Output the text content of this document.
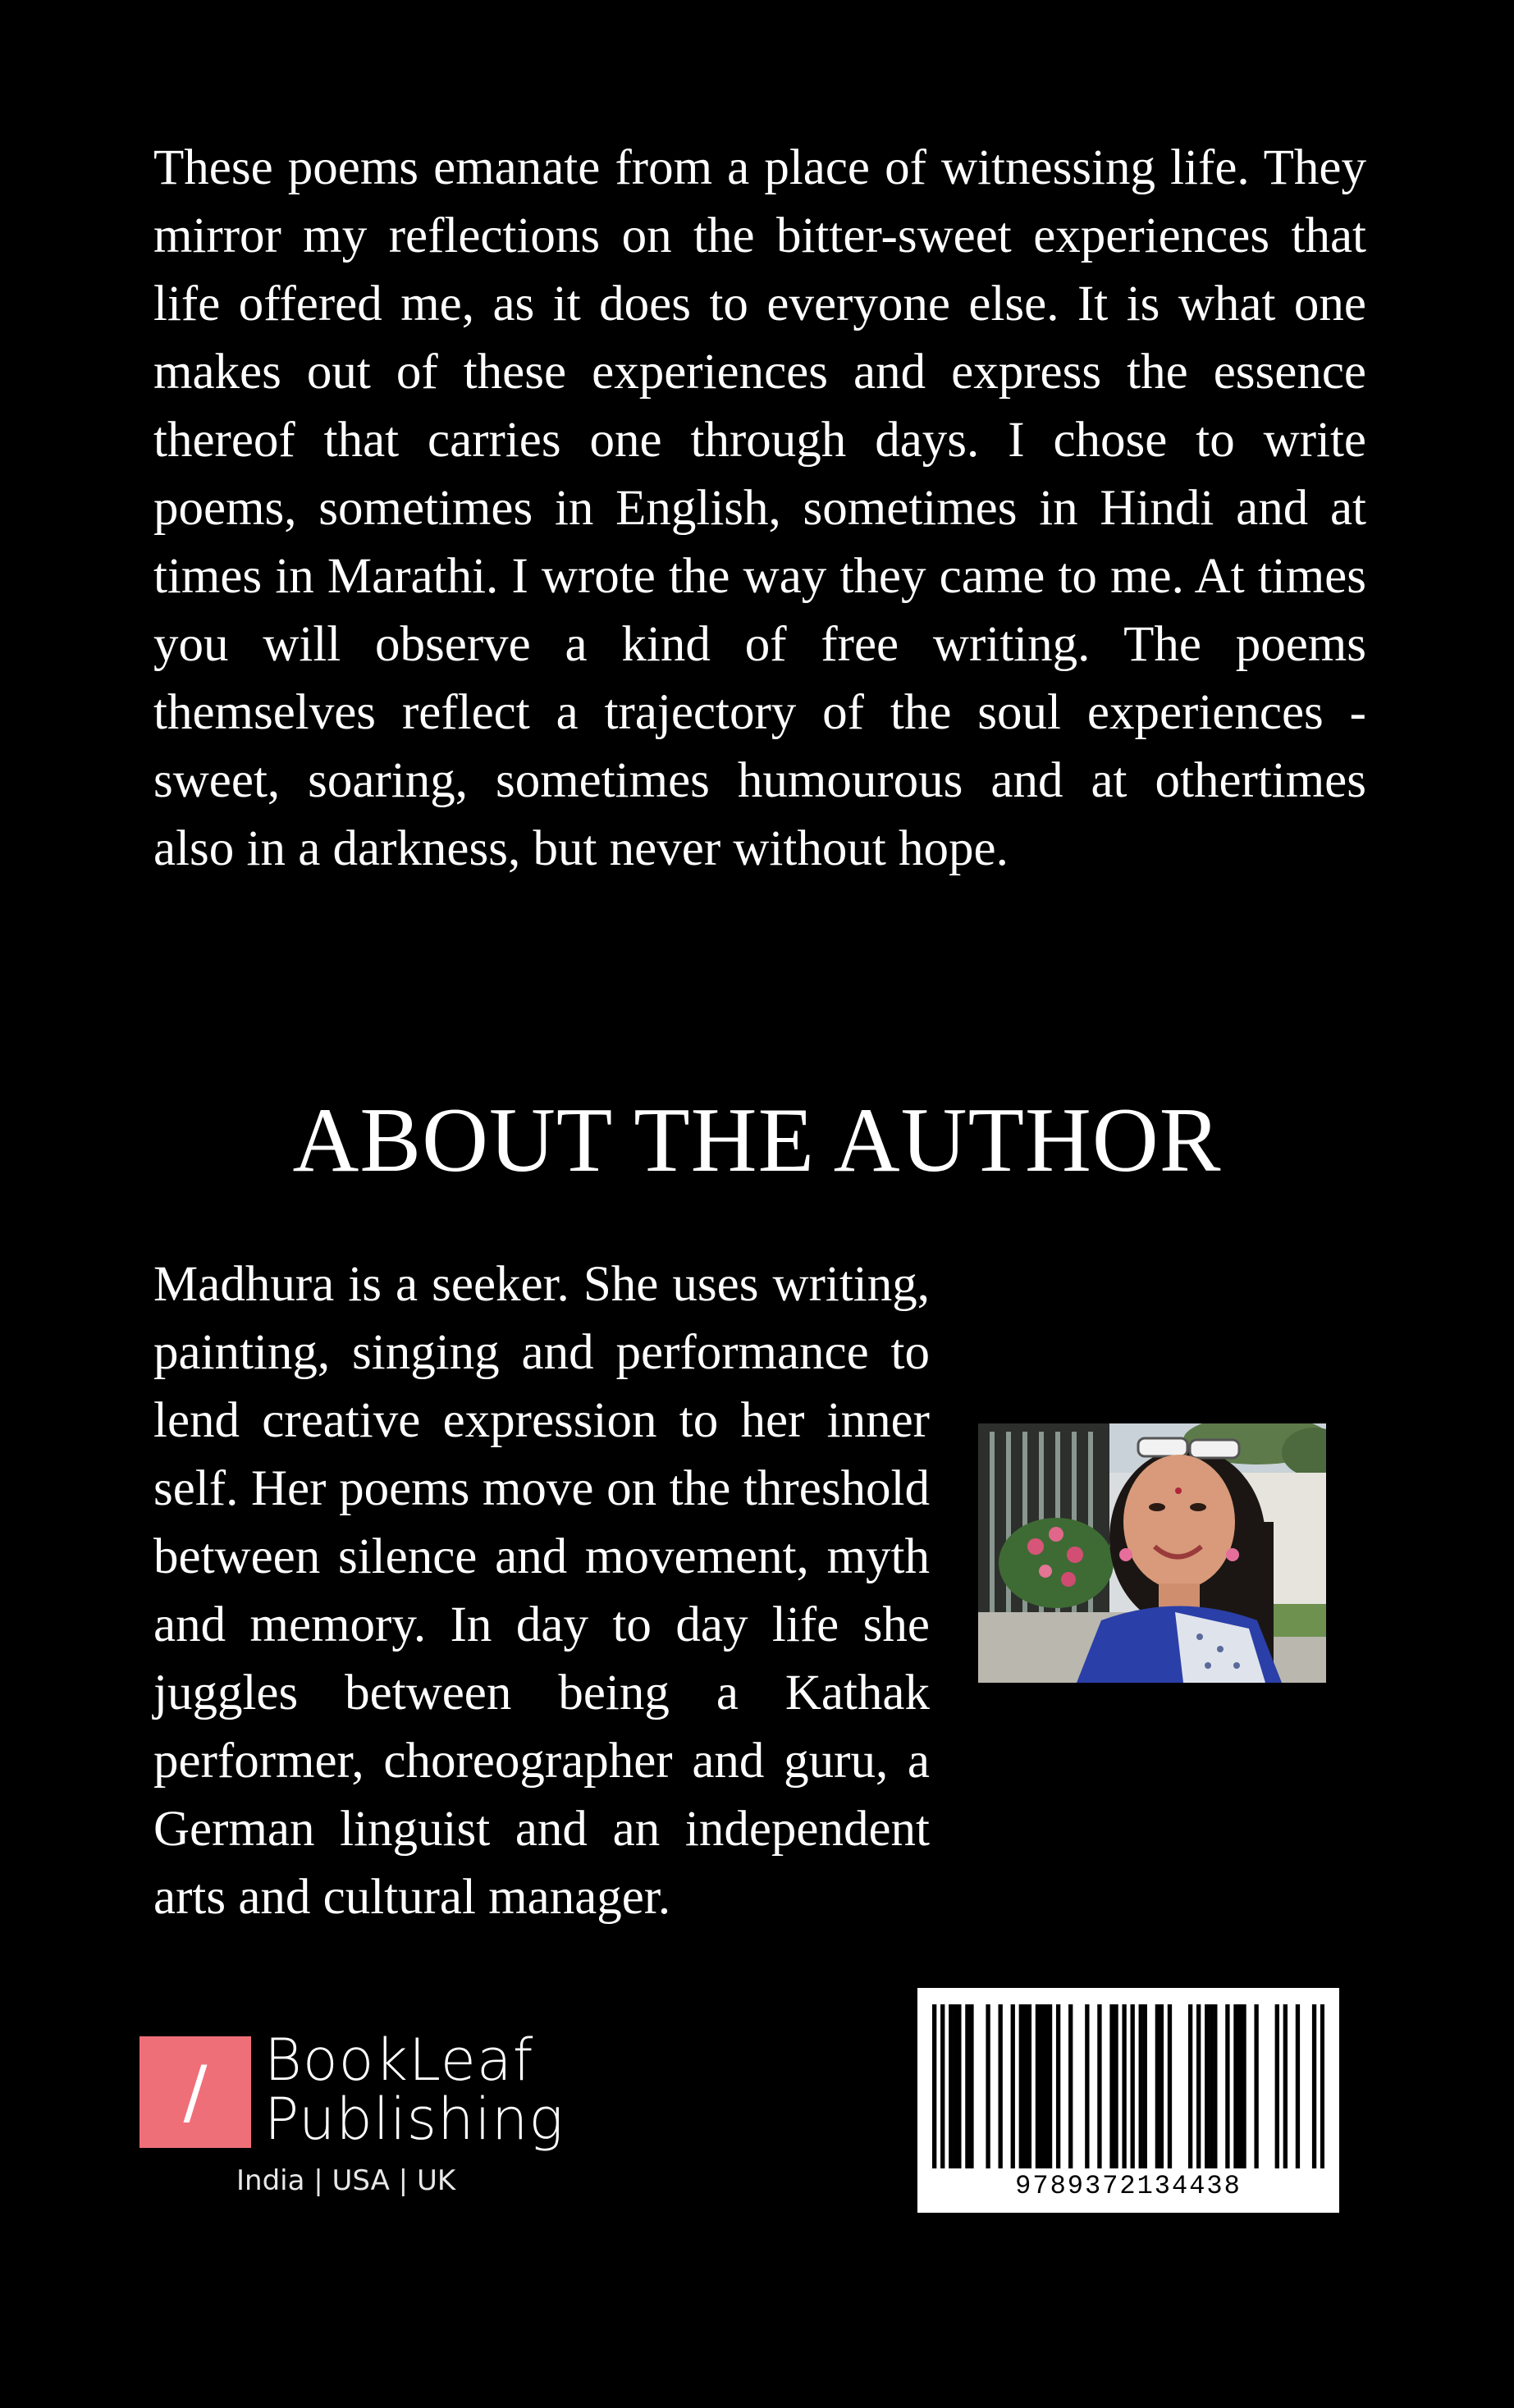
These poems emanate from a place of witnessing life. They mirror my reflections on the bitter-sweet experiences that life offered me, as it does to everyone else. It is what one makes out of these experiences and express the essence thereof that carries one through days. I chose to write poems, sometimes in English, sometimes in Hindi and at times in Marathi. I wrote the way they came to me. At times you will observe a kind of free writing. The poems themselves reflect a trajectory of the soul experiences - sweet, soaring, sometimes humourous and at othertimes also in a darkness, but never without hope.

ABOUT THE AUTHOR

Madhura is a seeker. She uses writing, painting, singing and performance to lend creative expression to her inner self. Her poems move on the threshold between silence and movement, myth and memory. In day to day life she juggles between being a Kathak performer, choreographer and guru, a German linguist and an independent arts and cultural manager.

/ BookLeaf
Publishing
India | USA | UK	9789372134438
